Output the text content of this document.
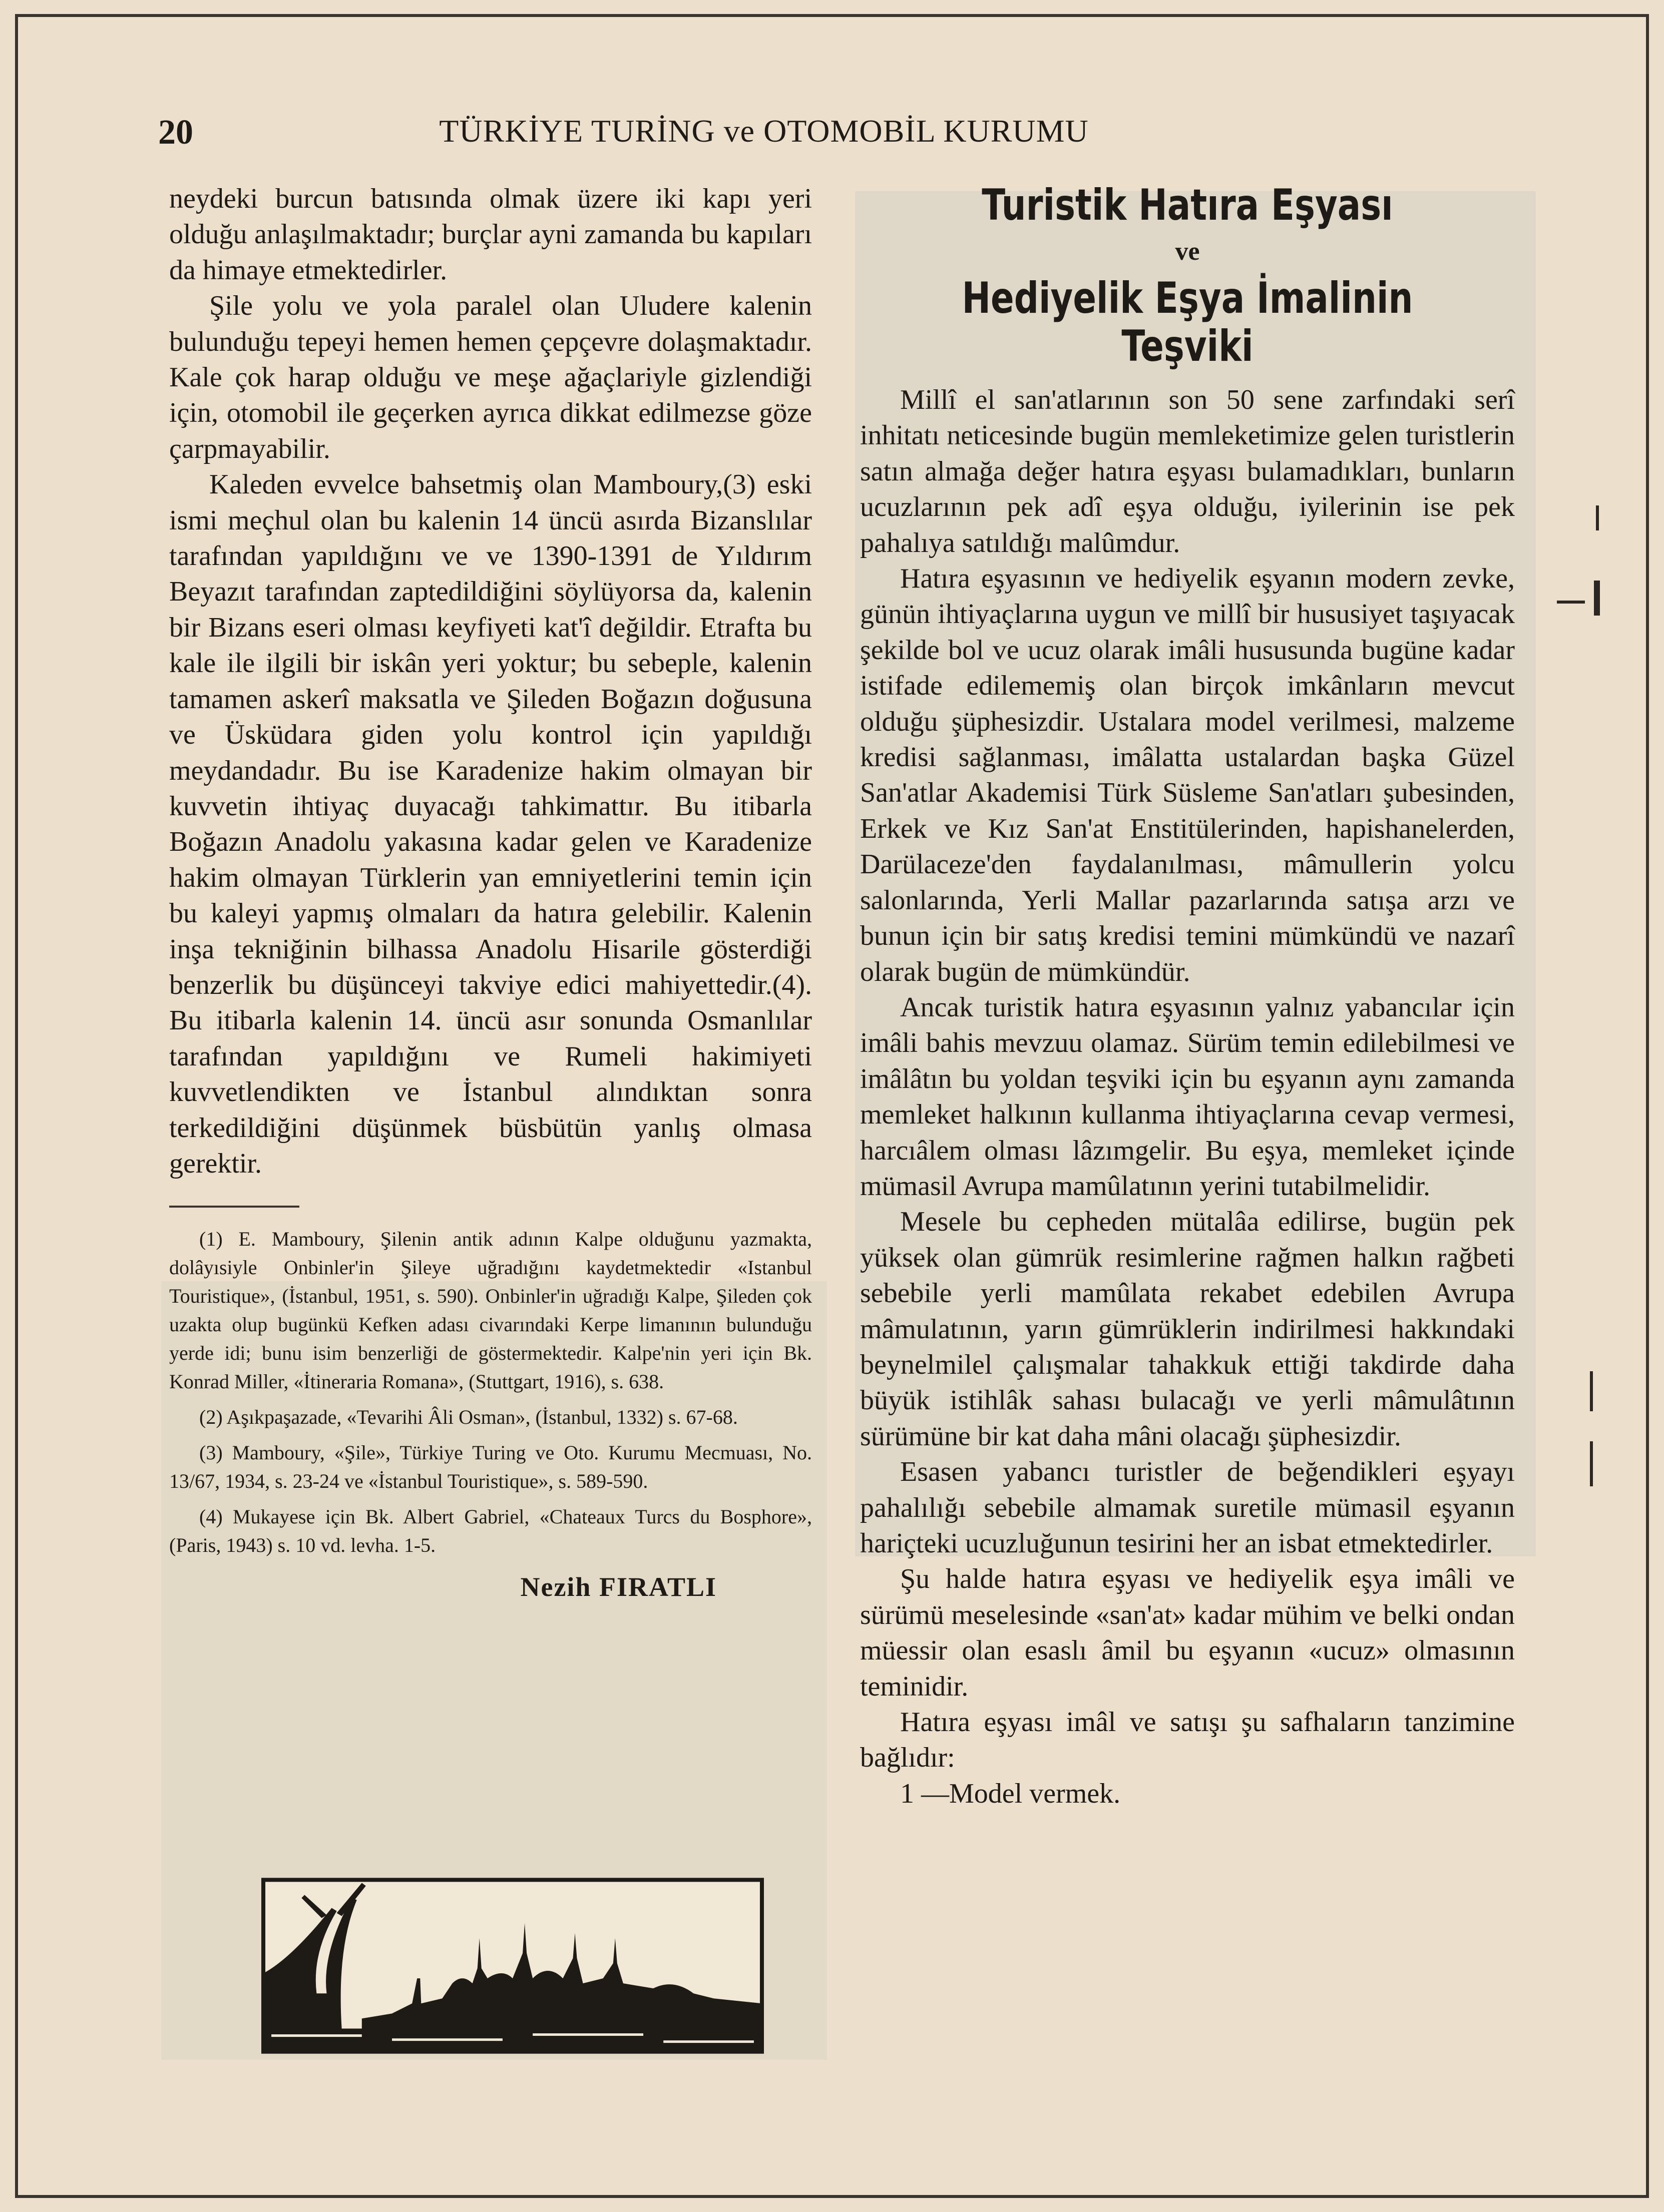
20	TÜRKİYE TURİNG ve OTOMOBİL KURUMU

neydeki burcun batısında olmak üzere iki kapı yeri olduğu anlaşılmaktadır; burçlar ayni zamanda bu kapıları da himaye etmektedirler.

Şile yolu ve yola paralel olan Uludere kalenin bulunduğu tepeyi hemen hemen çepçevre dolaşmaktadır. Kale çok harap olduğu ve meşe ağaçlariyle gizlendiği için, otomobil ile geçerken ayrıca dikkat edilmezse göze çarpmayabilir.

Kaleden evvelce bahsetmiş olan Mamboury,(3) eski ismi meçhul olan bu kalenin 14 üncü asırda Bizanslılar tarafından yapıldığını ve ve 1390-1391 de Yıldırım Beyazıt tarafından zaptedildiğini söylüyorsa da, kalenin bir Bizans eseri olması keyfiyeti kat'î değildir. Etrafta bu kale ile ilgili bir iskân yeri yoktur; bu sebeple, kalenin tamamen askerî maksatla ve Şileden Boğazın doğusuna ve Üsküdara giden yolu kontrol için yapıldığı meydandadır. Bu ise Karadenize hakim olmayan bir kuvvetin ihtiyaç duyacağı tahkimattır. Bu itibarla Boğazın Anadolu yakasına kadar gelen ve Karadenize hakim olmayan Türklerin yan emniyetlerini temin için bu kaleyi yapmış olmaları da hatıra gelebilir. Kalenin inşa tekniğinin bilhassa Anadolu Hisarile gösterdiği benzerlik bu düşünceyi takviye edici mahiyettedir.(4). Bu itibarla kalenin 14. üncü asır sonunda Osmanlılar tarafından yapıldığını ve Rumeli hakimiyeti kuvvetlendikten ve İstanbul alındıktan sonra terkedildiğini düşünmek büsbütün yanlış olmasa gerektir.

(1) E. Mamboury, Şilenin antik adının Kalpe olduğunu yazmakta, dolâyısiyle Onbinler'in Şileye uğradığını kaydetmektedir «Istanbul Touristique», (İstanbul, 1951, s. 590). Onbinler'in uğradığı Kalpe, Şileden çok uzakta olup bugünkü Kefken adası civarındaki Kerpe limanının bulunduğu yerde idi; bunu isim benzerliği de göstermektedir. Kalpe'nin yeri için Bk. Konrad Miller, «İtineraria Romana», (Stuttgart, 1916), s. 638.

(2) Aşıkpaşazade, «Tevarihi Âli Osman», (İstanbul, 1332) s. 67-68.

(3) Mamboury, «Şile», Türkiye Turing ve Oto. Kurumu Mecmuası, No. 13/67, 1934, s. 23-24 ve «İstanbul Touristique», s. 589-590.

(4) Mukayese için Bk. Albert Gabriel, «Chateaux Turcs du Bosphore», (Paris, 1943) s. 10 vd. levha. 1-5.

Nezih FIRATLI
Turistik Hatıra Eşyası
ve
Hediyelik Eşya İmalinin Teşviki

Millî el san'atlarının son 50 sene zarfındaki serî inhitatı neticesinde bugün memleketimize gelen turistlerin satın almağa değer hatıra eşyası bulamadıkları, bunların ucuzlarının pek adî eşya olduğu, iyilerinin ise pek pahalıya satıldığı malûmdur.

Hatıra eşyasının ve hediyelik eşyanın modern zevke, günün ihtiyaçlarına uygun ve millî bir hususiyet taşıyacak şekilde bol ve ucuz olarak imâli hususunda bugüne kadar istifade edilememiş olan birçok imkânların mevcut olduğu şüphesizdir. Ustalara model verilmesi, malzeme kredisi sağlanması, imâlatta ustalardan başka Güzel San'atlar Akademisi Türk Süsleme San'atları şubesinden, Erkek ve Kız San'at Enstitülerinden, hapishanelerden, Darülaceze'den faydalanılması, mâmullerin yolcu salonlarında, Yerli Mallar pazarlarında satışa arzı ve bunun için bir satış kredisi temini mümkündü ve nazarî olarak bugün de mümkündür.

Ancak turistik hatıra eşyasının yalnız yabancılar için imâli bahis mevzuu olamaz. Sürüm temin edilebilmesi ve imâlâtın bu yoldan teşviki için bu eşyanın aynı zamanda memleket halkının kullanma ihtiyaçlarına cevap vermesi, harcıâlem olması lâzımgelir. Bu eşya, memleket içinde mümasil Avrupa mamûlatının yerini tutabilmelidir.

Mesele bu cepheden mütalâa edilirse, bugün pek yüksek olan gümrük resimlerine rağmen halkın rağbeti sebebile yerli mamûlata rekabet edebilen Avrupa mâmulatının, yarın gümrüklerin indirilmesi hakkındaki beynelmilel çalışmalar tahakkuk ettiği takdirde daha büyük istihlâk sahası bulacağı ve yerli mâmulâtının sürümüne bir kat daha mâni olacağı şüphesizdir.

Esasen yabancı turistler de beğendikleri eşyayı pahalılığı sebebile almamak suretile mümasil eşyanın hariçteki ucuzluğunun tesirini her an isbat etmektedirler.

Şu halde hatıra eşyası ve hediyelik eşya imâli ve sürümü meselesinde «san'at» kadar mühim ve belki ondan müessir olan esaslı âmil bu eşyanın «ucuz» olmasının teminidir.

Hatıra eşyası imâl ve satışı şu safhaların tanzimine bağlıdır:

1 —Model vermek.
